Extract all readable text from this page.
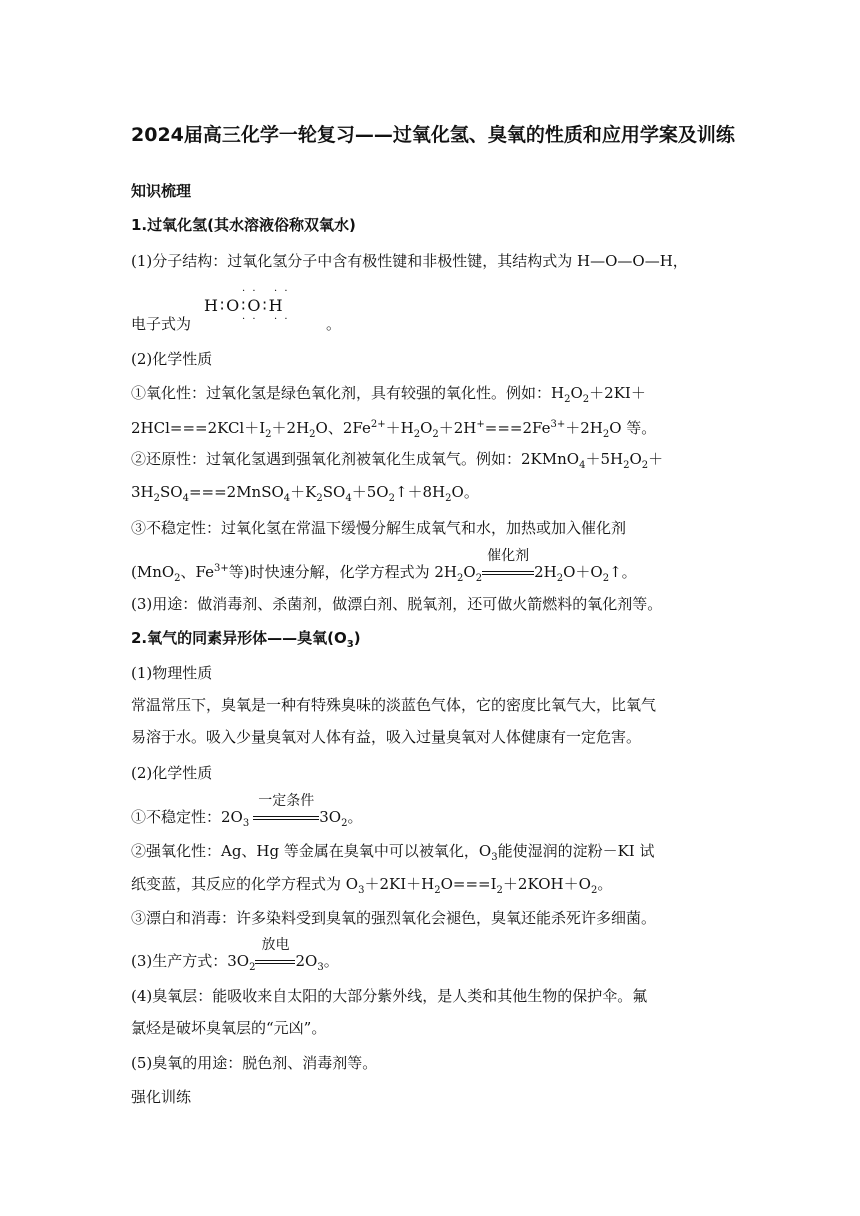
2024届高三化学一轮复习——过氧化氢、臭氧的性质和应用学案及训练
知识梳理
1.过氧化氢(其水溶液俗称双氧水)
(1)分子结构：过氧化氢分子中含有极性键和非极性键，其结构式为 H—O—O—H，
电子式为
· · · ·
H∶O∶O∶H
· · · · 。
(2)化学性质
①氧化性：过氧化氢是绿色氧化剂，具有较强的氧化性。例如：$H_2O_2+2KI+$
$2HCl===2KCl+I_2+2H_2O$、$2Fe^{2+}+H_2O_2+2H^+===2Fe^{3+}+2H_2O$ 等。
②还原性：过氧化氢遇到强氧化剂被氧化生成氧气。例如：$2KMnO_4+5H_2O_2+$
$3H_2SO_4===2MnSO_4+K_2SO_4+5O_2↑+8H_2O$。
③不稳定性：过氧化氢在常温下缓慢分解生成氧气和水，加热或加入催化剂
(MnO$_2$、$Fe^{3+}$等)时快速分解，化学方程式为 $2H_2O_2$
催化剂
$2H_2O+O_2↑$。
(3)用途：做消毒剂、杀菌剂，做漂白剂、脱氧剂，还可做火箭燃料的氧化剂等。
2.氧气的同素异形体——臭氧$(O_3)$
(1)物理性质
常温常压下，臭氧是一种有特殊臭味的淡蓝色气体，它的密度比氧气大，比氧气
易溶于水。吸入少量臭氧对人体有益，吸入过量臭氧对人体健康有一定危害。
(2)化学性质
①不稳定性：$2O_3$
一定条件
$3O_2$。
②强氧化性：Ag、Hg 等金属在臭氧中可以被氧化，$O_3$能使湿润的淀粉－KI 试
纸变蓝，其反应的化学方程式为 $O_3+2KI+H_2O===I_2+2KOH+O_2$。
③漂白和消毒：许多染料受到臭氧的强烈氧化会褪色，臭氧还能杀死许多细菌。
(3)生产方式：$3O_2$
放电
$2O_3$。
(4)臭氧层：能吸收来自太阳的大部分紫外线，是人类和其他生物的保护伞。氟
氯烃是破坏臭氧层的“元凶”。
(5)臭氧的用途：脱色剂、消毒剂等。
强化训练
